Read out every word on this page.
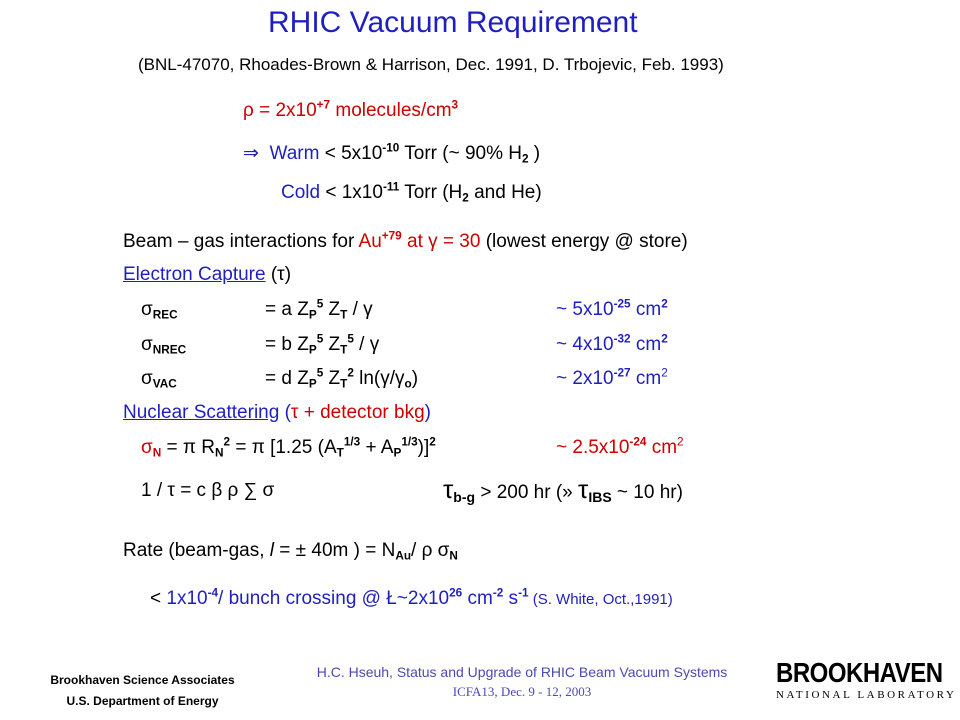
RHIC Vacuum Requirement
(BNL-47070, Rhoades-Brown & Harrison, Dec. 1991, D. Trbojevic, Feb. 1993)
$\rho = 2x10^{+7}$ molecules/$cm^3$
⇒ Warm < $5x10^{-10}$ Torr (~ 90% $H_2$ )
Cold < $1x10^{-11}$ Torr ($H_2$ and He)
Beam – gas interactions for $Au^{+79}$ at γ = 30 (lowest energy @ store)
Electron Capture (τ)
$\sigma_{REC}$	= a $Z_P^5$ $Z_T$ / γ	~ $5x10^{-25}$ $cm^2$
$\sigma_{NREC}$	= b $Z_P^5$ $Z_T^5$ / γ	~ $4x10^{-32}$ $cm^2$
$\sigma_{VAC}$	= d $Z_P^5$ $Z_T^2$ $\ln(\gamma/\gamma_o)$	~ $2x10^{-27}$ $cm^2$
Nuclear Scattering (τ + detector bkg)
$\sigma_N = \pi$ $R_N^2 = \pi$ [1.25 $(A_T^{1/3} + A_P^{1/3})]^2$	~ $2.5x10^{-24}$ $cm^2$
1 / τ = c β ρ ∑ σ	$\tau_{b-g} > 200$ hr (» $\tau_{IBS}$ ~ 10 hr)
Rate (beam-gas, l = ± 40m ) = $N_{Au}/$ ρ $\sigma_N$
< $1x10^{-4}/$ bunch crossing @ $Ł\sim 2x10^{26}$ $cm^{-2}$ $s^{-1}$ (S. White, Oct.,1991)
Brookhaven Science Associates
U.S. Department of Energy
H.C. Hseuh, Status and Upgrade of RHIC Beam Vacuum Systems
ICFA13, Dec. 9 - 12, 2003
BROOKHAVEN
NATIONAL LABORATORY
